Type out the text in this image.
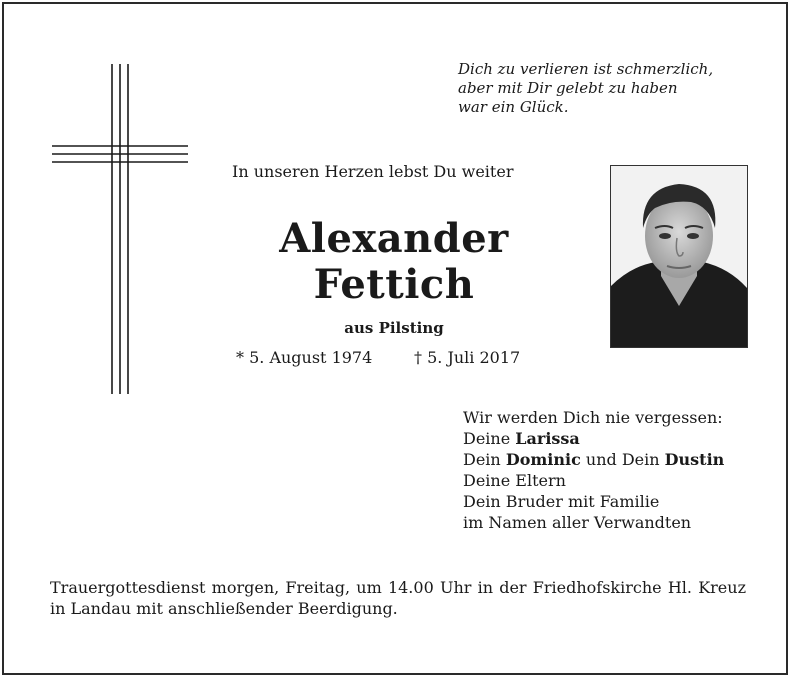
Dich zu verlieren ist schmerzlich,
aber mit Dir gelebt zu haben
war ein Glück.
In unseren Herzen lebst Du weiter
Alexander
Fettich
aus Pilsting
* 5. August 1974	† 5. Juli 2017
Wir werden Dich nie vergessen:
Deine Larissa
Dein Dominic und Dein Dustin
Deine Eltern
Dein Bruder mit Familie
im Namen aller Verwandten
Trauergottesdienst morgen, Freitag, um 14.00 Uhr in der Friedhofskirche Hl. Kreuz in Landau mit anschließender Beerdigung.
